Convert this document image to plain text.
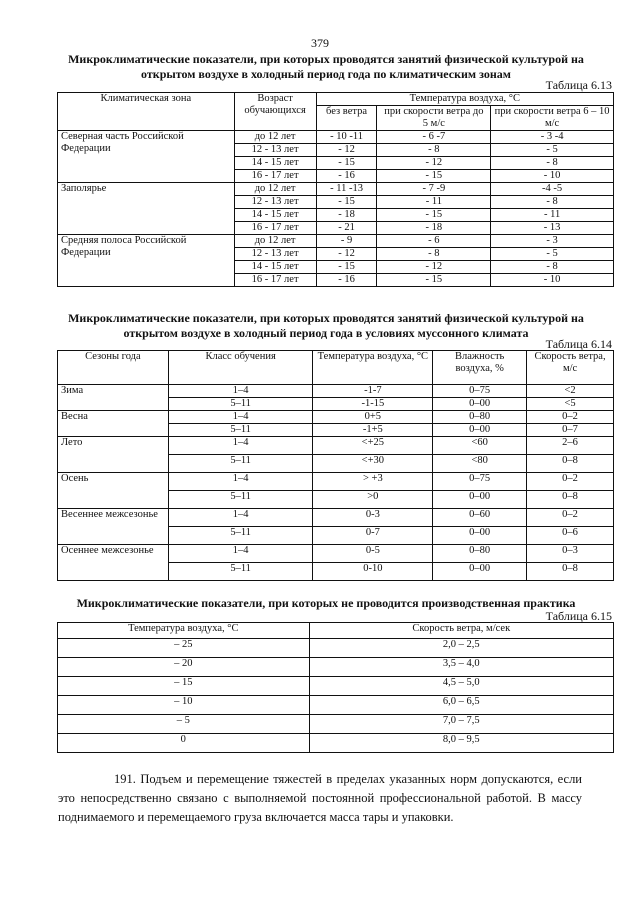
379
Микроклиматические показатели, при которых проводятся занятий физической культурой на открытом воздухе в холодный период года по климатическим зонам
Таблица 6.13
Климатическая зона	Возраст обучающихся	Температура воздуха, °С		
		без ветра	при скорости ветра до 5 м/с	при скорости ветра 6 – 10 м/с
Северная часть Российской Федерации	до 12 лет	- 10 -11	- 6 -7	- 3 -4
	12 - 13 лет	- 12	- 8	- 5
	14 - 15 лет	- 15	- 12	- 8
	16 - 17 лет	- 16	- 15	- 10
Заполярье	до 12 лет	- 11 -13	- 7 -9	-4 -5
	12 - 13 лет	- 15	- 11	- 8
	14 - 15 лет	- 18	- 15	- 11
	16 - 17 лет	- 21	- 18	- 13
Средняя полоса Российской Федерации	до 12 лет	- 9	- 6	- 3
	12 - 13 лет	- 12	- 8	- 5
	14 - 15 лет	- 15	- 12	- 8
	16 - 17 лет	- 16	- 15	- 10
Микроклиматические показатели, при которых проводятся занятий физической культурой на открытом воздухе в холодный период года в условиях муссонного климата
Таблица 6.14
Сезоны года	Класс обучения	Температура воздуха, °С	Влажность воздуха, %	Скорость ветра, м/с
Зима	1–4	-1-7	0–75	<2
	5–11	-1-15	0–00	<5
Весна	1–4	0+5	0–80	0–2
	5–11	-1+5	0–00	0–7
Лето	1–4	<+25	<60	2–6
	5–11	<+30	<80	0–8
Осень	1–4	> +3	0–75	0–2
	5–11	>0	0–00	0–8
Весеннее межсезонье	1–4	0-3	0–60	0–2
	5–11	0-7	0–00	0–6
Осеннее межсезонье	1–4	0-5	0–80	0–3
	5–11	0-10	0–00	0–8
Микроклиматические показатели, при которых не проводится производственная практика
Таблица 6.15
Температура воздуха, °С	Скорость ветра, м/сек
– 25	2,0 – 2,5
– 20	3,5 – 4,0
– 15	4,5 – 5,0
– 10	6,0 – 6,5
– 5	7,0 – 7,5
0	8,0 – 9,5
191. Подъем и перемещение тяжестей в пределах указанных норм допускаются, если это непосредственно связано с выполняемой постоянной профессиональной работой. В массу поднимаемого и перемещаемого груза включается масса тары и упаковки.
